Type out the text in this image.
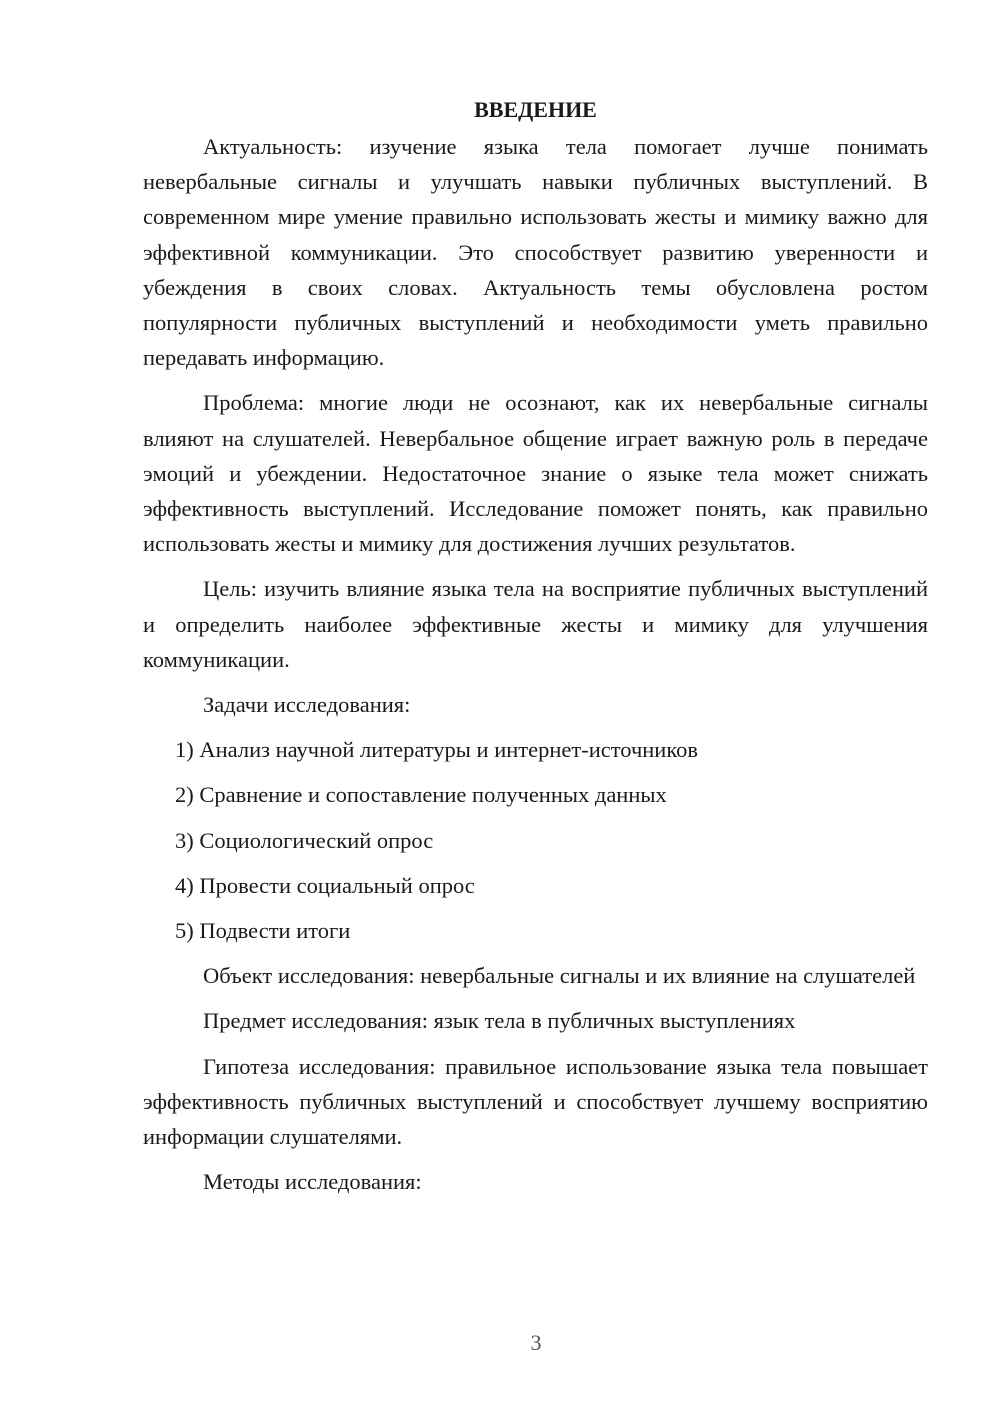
ВВЕДЕНИЕ

Актуальность: изучение языка тела помогает лучше понимать невербальные сигналы и улучшать навыки публичных выступлений. В современном мире умение правильно использовать жесты и мимику важно для эффективной коммуникации. Это способствует развитию уверенности и убеждения в своих словах. Актуальность темы обусловлена ростом популярности публичных выступлений и необходимости уметь правильно передавать информацию.

Проблема: многие люди не осознают, как их невербальные сигналы влияют на слушателей. Невербальное общение играет важную роль в передаче эмоций и убеждении. Недостаточное знание о языке тела может снижать эффективность выступлений. Исследование поможет понять, как правильно использовать жесты и мимику для достижения лучших результатов.

Цель: изучить влияние языка тела на восприятие публичных выступлений и определить наиболее эффективные жесты и мимику для улучшения коммуникации.

Задачи исследования:

1) Анализ научной литературы и интернет-источников
2) Сравнение и сопоставление полученных данных
3) Социологический опрос
4) Провести социальный опрос
5) Подвести итоги

Объект исследования: невербальные сигналы и их влияние на слушателей

Предмет исследования: язык тела в публичных выступлениях

Гипотеза исследования: правильное использование языка тела повышает эффективность публичных выступлений и способствует лучшему восприятию информации слушателями.

Методы исследования:

3
